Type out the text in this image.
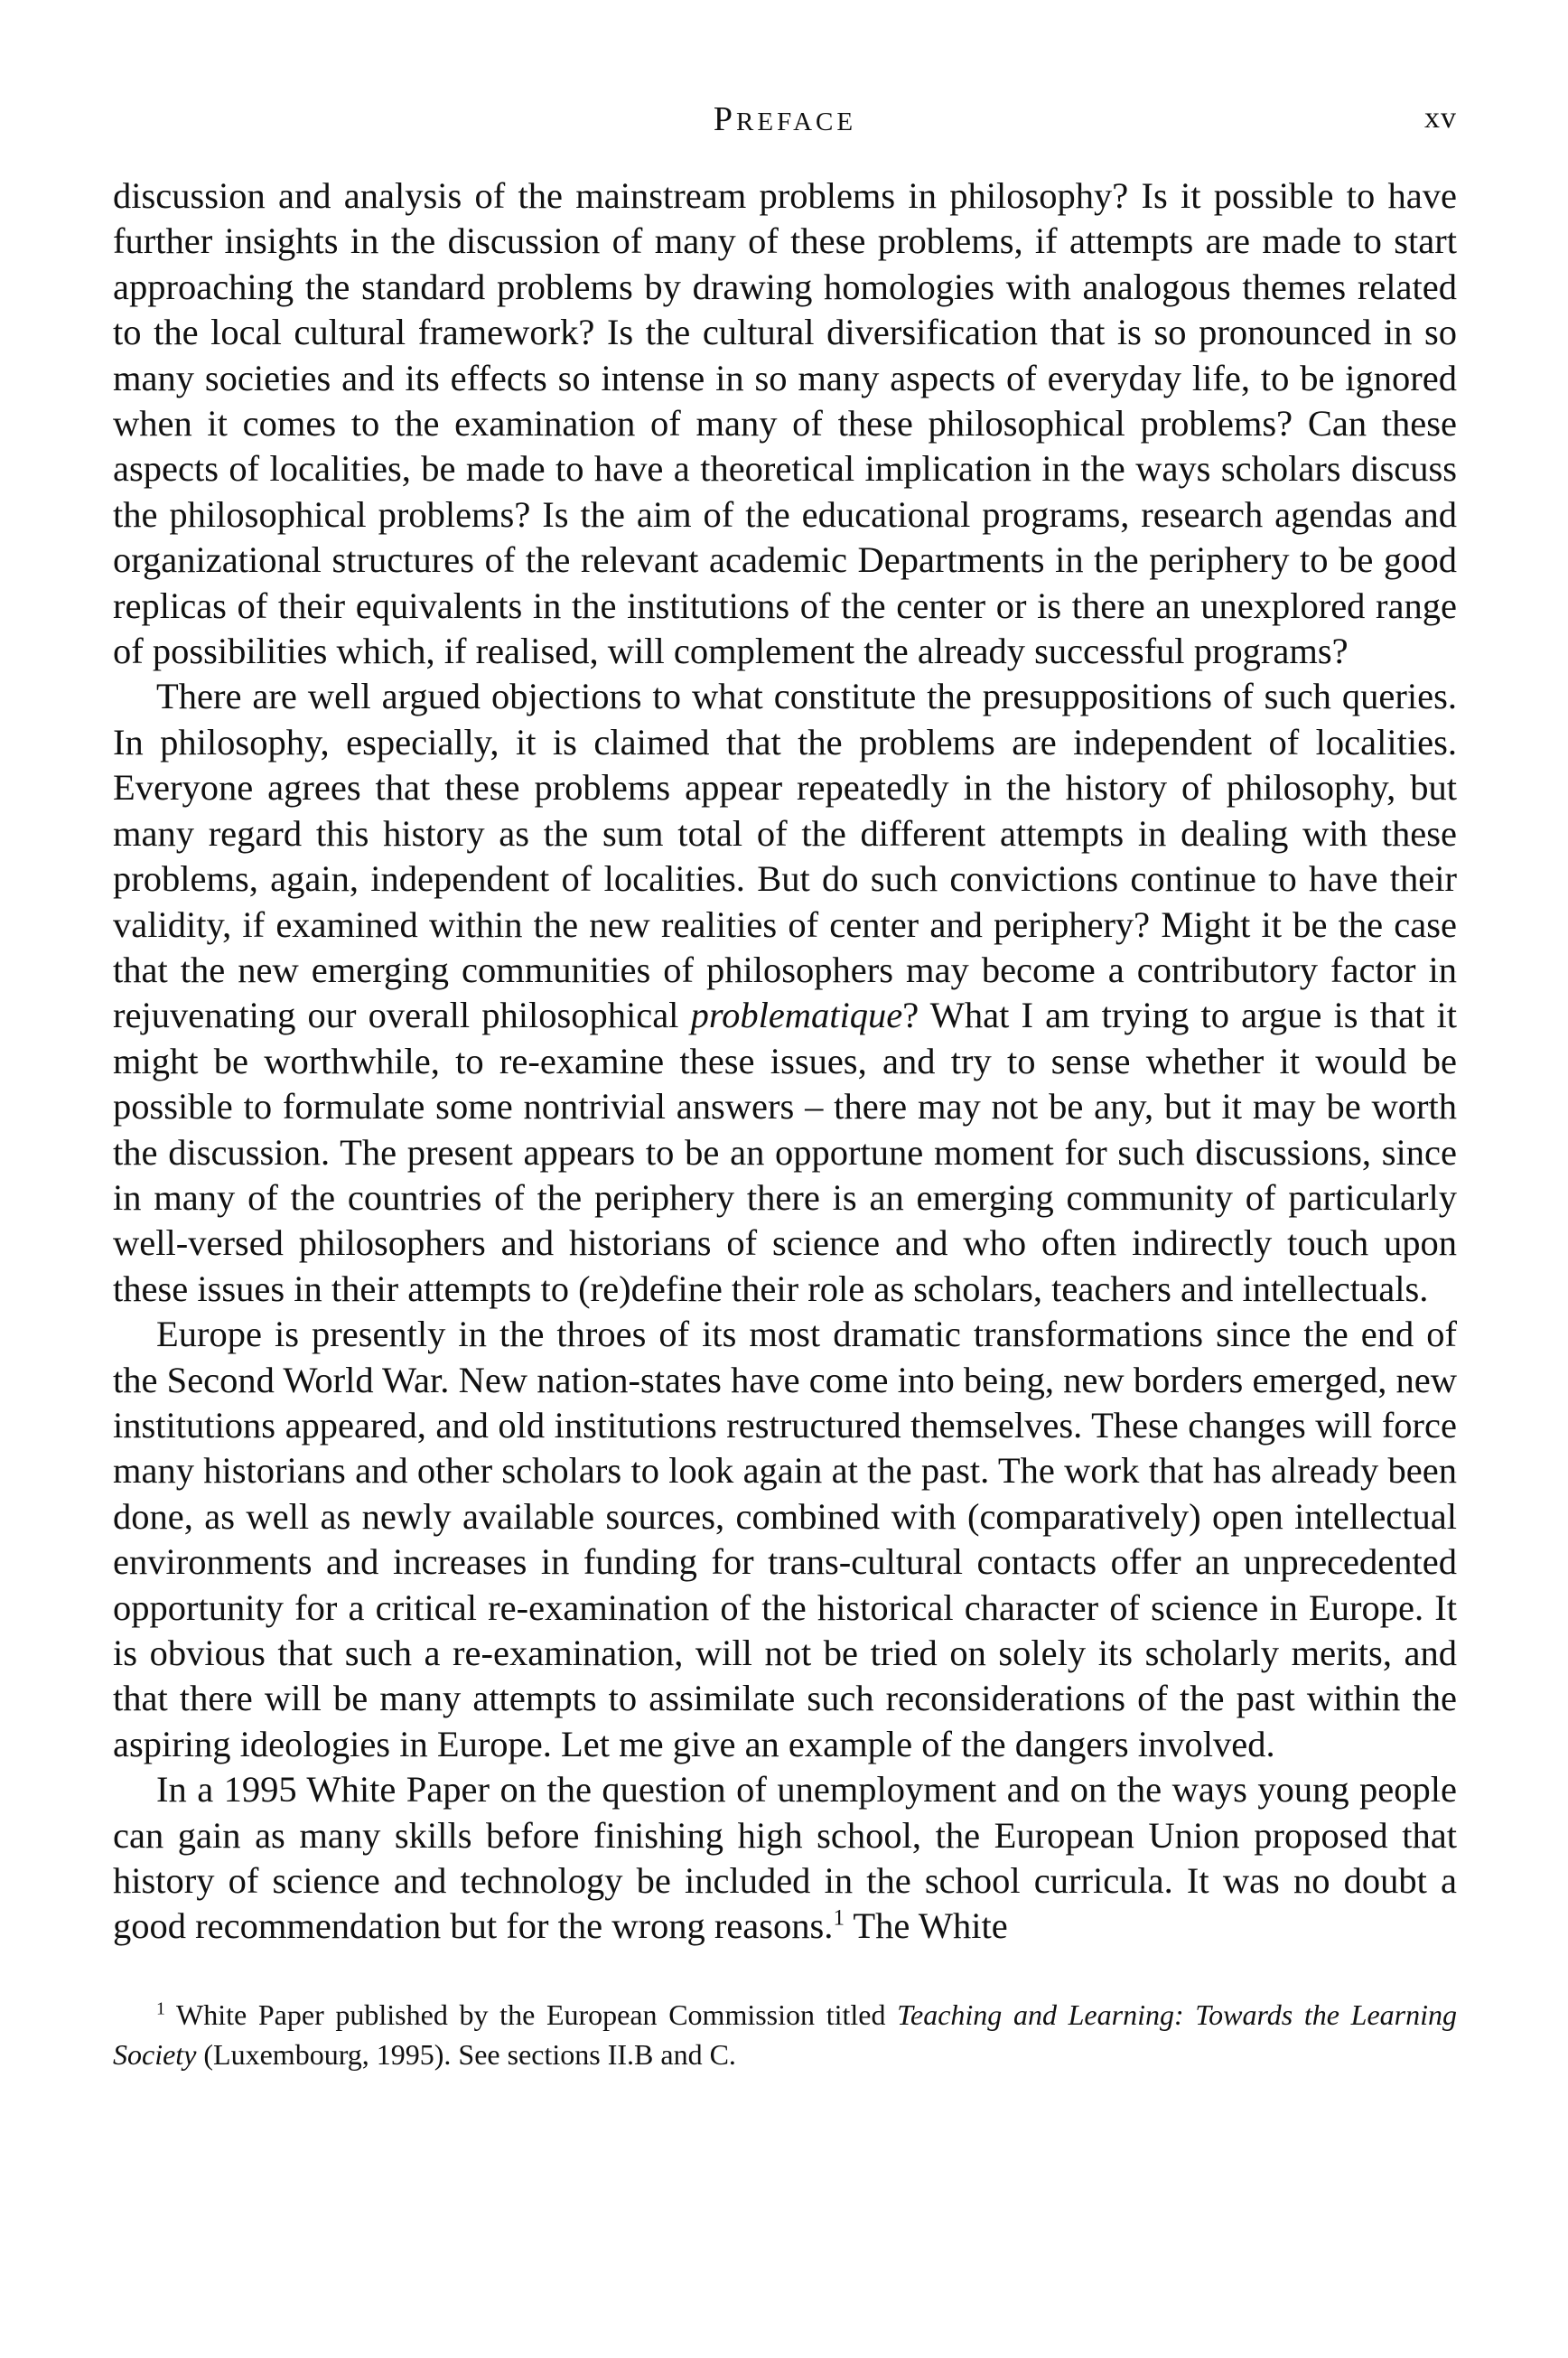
PREFACE	xv

discussion and analysis of the mainstream problems in philosophy? Is it possible to have further insights in the discussion of many of these problems, if attempts are made to start approaching the standard problems by drawing homologies with analogous themes related to the local cultural framework? Is the cultural diversification that is so pronounced in so many societies and its effects so intense in so many aspects of everyday life, to be ignored when it comes to the examination of many of these philosophical problems? Can these aspects of localities, be made to have a theoretical implication in the ways scholars discuss the philosophical problems? Is the aim of the educational programs, research agendas and organizational structures of the relevant academic Departments in the periphery to be good replicas of their equivalents in the institutions of the center or is there an unexplored range of possibilities which, if realised, will complement the already successful programs?

There are well argued objections to what constitute the presuppositions of such queries. In philosophy, especially, it is claimed that the problems are independent of localities. Everyone agrees that these problems appear repeatedly in the history of philosophy, but many regard this history as the sum total of the different attempts in dealing with these problems, again, independent of localities. But do such convictions continue to have their validity, if examined within the new realities of center and periphery? Might it be the case that the new emerging communities of philosophers may become a contributory factor in rejuvenating our overall philosophical problematique? What I am trying to argue is that it might be worthwhile, to re-examine these issues, and try to sense whether it would be possible to formulate some nontrivial answers – there may not be any, but it may be worth the discussion. The present appears to be an opportune moment for such discussions, since in many of the countries of the periphery there is an emerging community of particularly well-versed philosophers and historians of science and who often indirectly touch upon these issues in their attempts to (re)define their role as scholars, teachers and intellectuals.

Europe is presently in the throes of its most dramatic transformations since the end of the Second World War. New nation-states have come into being, new borders emerged, new institutions appeared, and old institutions restructured themselves. These changes will force many historians and other scholars to look again at the past. The work that has already been done, as well as newly available sources, combined with (comparatively) open intellectual environments and increases in funding for trans-cultural contacts offer an unprecedented opportunity for a critical re-examination of the historical character of science in Europe. It is obvious that such a re-examination, will not be tried on solely its scholarly merits, and that there will be many attempts to assimilate such reconsiderations of the past within the aspiring ideologies in Europe. Let me give an example of the dangers involved.

In a 1995 White Paper on the question of unemployment and on the ways young people can gain as many skills before finishing high school, the European Union proposed that history of science and technology be included in the school curricula. It was no doubt a good recommendation but for the wrong reasons.$^1$ The White

$^1$ White Paper published by the European Commission titled Teaching and Learning: Towards the Learning Society (Luxembourg, 1995). See sections II.B and C.
